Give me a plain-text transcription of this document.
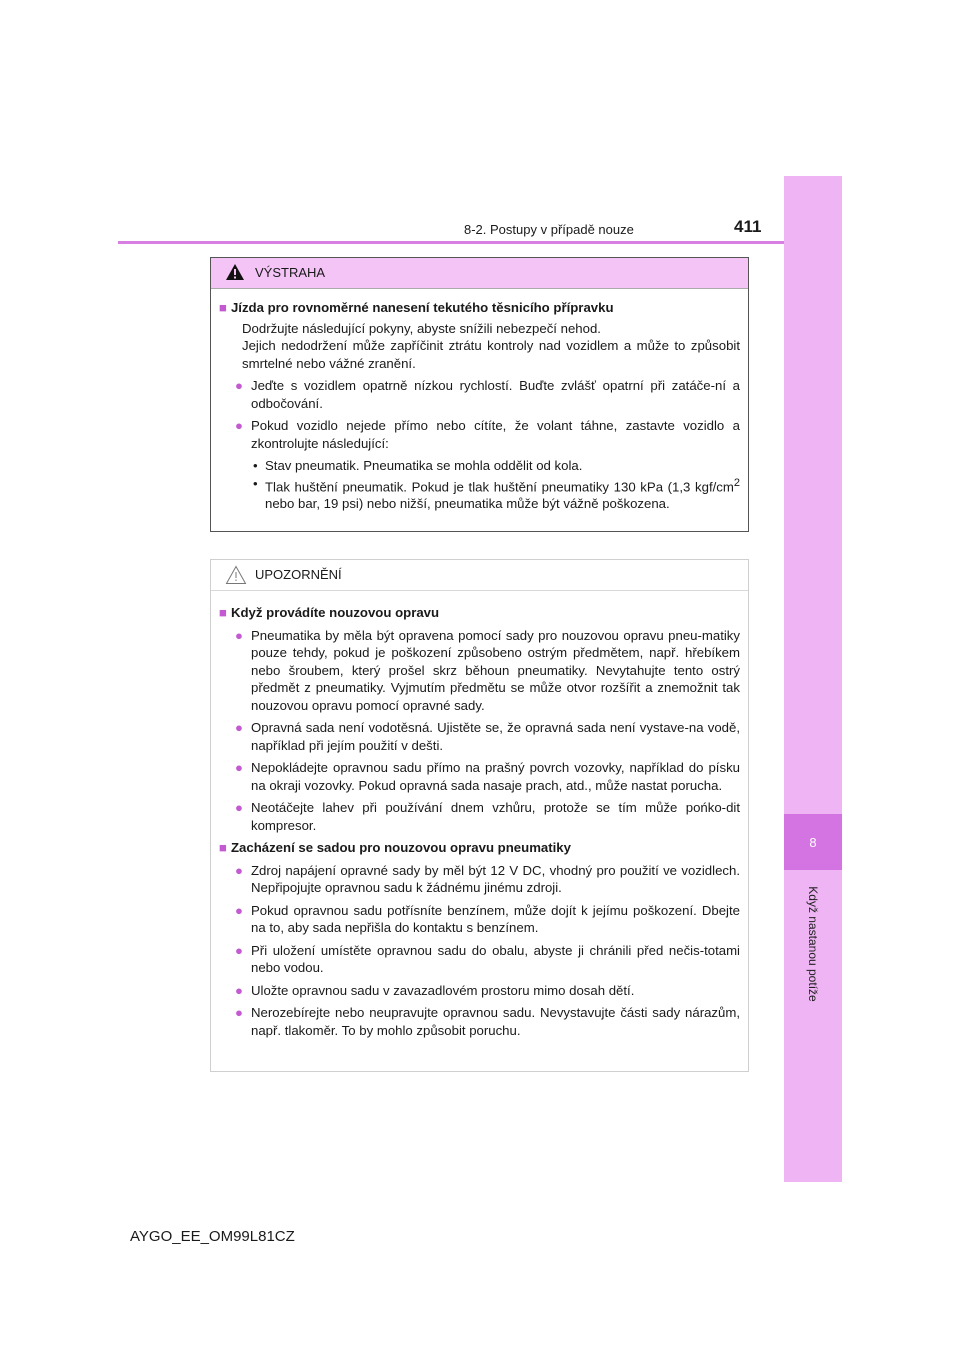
8
Když nastanou potíže
8-2. Postupy v případě nouze	411
VÝSTRAHA

■ Jízda pro rovnoměrné nanesení tekutého těsnicího přípravku

Dodržujte následující pokyny, abyste snížili nebezpečí nehod.

Jejich nedodržení může zapříčinit ztrátu kontroly nad vozidlem a může to způsobit smrtelné nebo vážné zranění.

● Jeďte s vozidlem opatrně nízkou rychlostí. Buďte zvlášť opatrní při zatáče-ní a odbočování.
● Pokud vozidlo nejede přímo nebo cítíte, že volant táhne, zastavte vozidlo a zkontrolujte následující:
• Stav pneumatik. Pneumatika se mohla oddělit od kola.
• Tlak huštění pneumatik. Pokud je tlak huštění pneumatiky 130 kPa (1,3 kgf/$cm^2$ nebo bar, 19 psi) nebo nižší, pneumatika může být vážně poškozena.
UPOZORNĚNÍ

■ Když provádíte nouzovou opravu

● Pneumatika by měla být opravena pomocí sady pro nouzovou opravu pneu-matiky pouze tehdy, pokud je poškození způsobeno ostrým předmětem, např. hřebíkem nebo šroubem, který prošel skrz běhoun pneumatiky. Nevytahujte tento ostrý předmět z pneumatiky. Vyjmutím předmětu se může otvor rozšířit a znemožnit tak nouzovou opravu pomocí opravné sady.
● Opravná sada není vodotěsná. Ujistěte se, že opravná sada není vystave-na vodě, například při jejím použití v dešti.
● Nepokládejte opravnou sadu přímo na prašný povrch vozovky, například do písku na okraji vozovky. Pokud opravná sada nasaje prach, atd., může nastat porucha.
● Neotáčejte lahev při používání dnem vzhůru, protože se tím může pońko-dit kompresor.

■ Zacházení se sadou pro nouzovou opravu pneumatiky

● Zdroj napájení opravné sady by měl být 12 V DC, vhodný pro použití ve vozidlech. Nepřipojujte opravnou sadu k žádnému jinému zdroji.
● Pokud opravnou sadu potřísníte benzínem, může dojít k jejímu poškození. Dbejte na to, aby sada nepřišla do kontaktu s benzínem.
● Při uložení umístěte opravnou sadu do obalu, abyste ji chránili před nečis-totami nebo vodou.
● Uložte opravnou sadu v zavazadlovém prostoru mimo dosah dětí.
● Nerozebírejte nebo neupravujte opravnou sadu. Nevystavujte části sady nárazům, např. tlakoměr. To by mohlo způsobit poruchu.
AYGO_EE_OM99L81CZ
